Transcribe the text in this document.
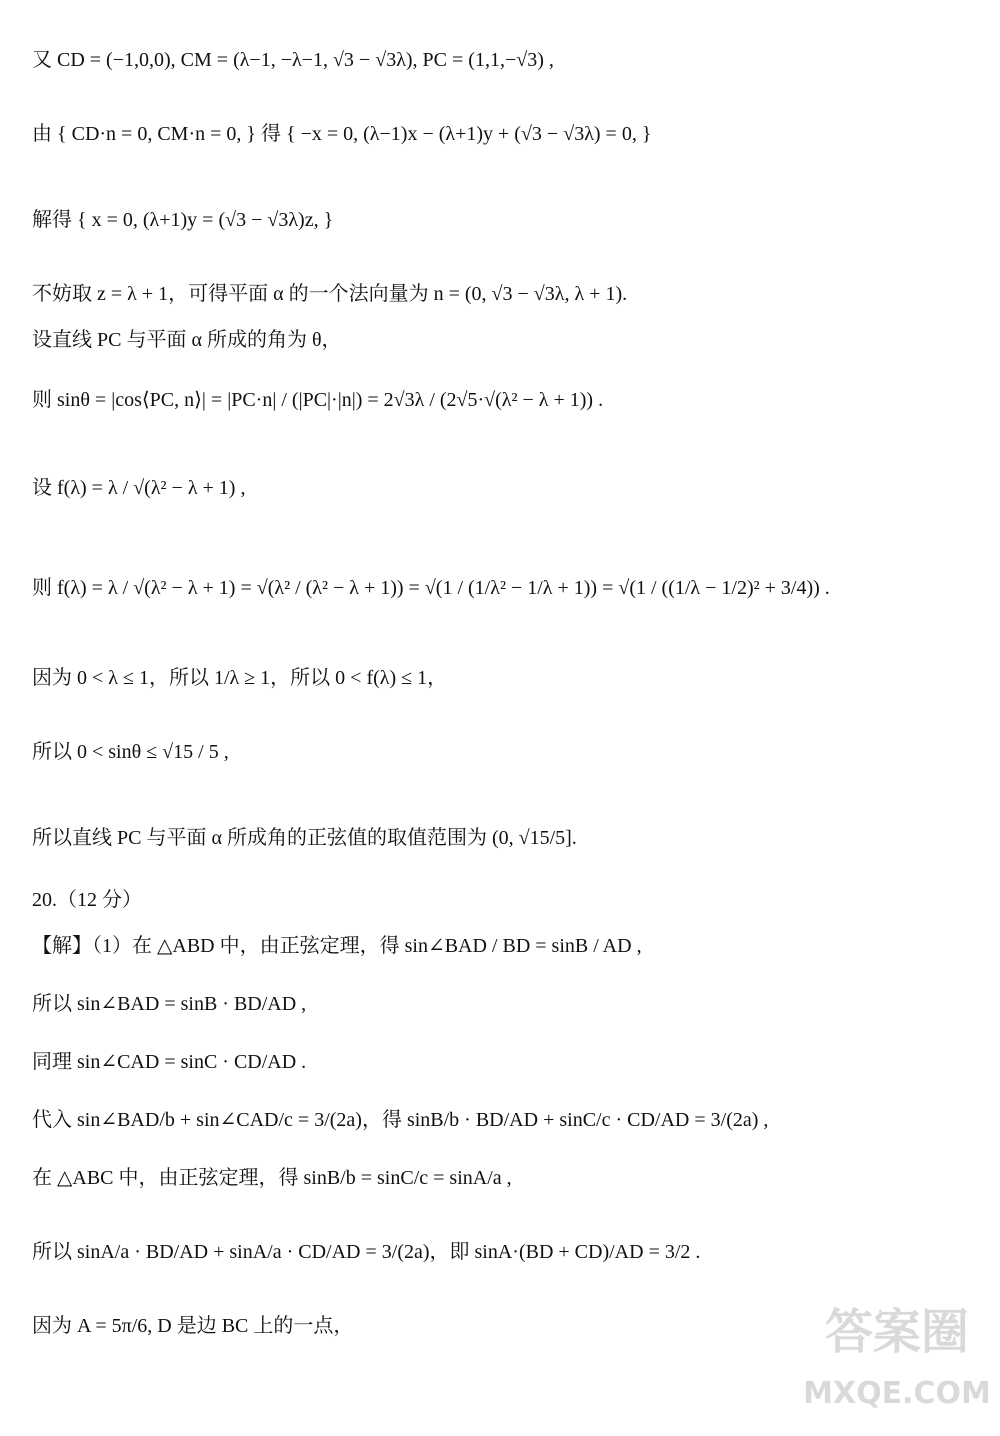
又 CD = (−1,0,0), CM = (λ−1, −λ−1, √3 − √3λ), PC = (1,1,−√3) ,
由 { CD·n = 0, CM·n = 0, } 得 { −x = 0, (λ−1)x − (λ+1)y + (√3 − √3λ) = 0, }
解得 { x = 0, (λ+1)y = (√3 − √3λ)z, }
不妨取 z = λ + 1，可得平面 α 的一个法向量为 n = (0, √3 − √3λ, λ + 1).
设直线 PC 与平面 α 所成的角为 θ，
则 sinθ = |cos⟨PC, n⟩| = |PC·n| / (|PC|·|n|) = 2√3λ / (2√5·√(λ² − λ + 1)) .
设 f(λ) = λ / √(λ² − λ + 1) ,
则 f(λ) = λ / √(λ² − λ + 1) = √(λ² / (λ² − λ + 1)) = √(1 / (1/λ² − 1/λ + 1)) = √(1 / ((1/λ − 1/2)² + 3/4)) .
因为 0 < λ ≤ 1，所以 1/λ ≥ 1，所以 0 < f(λ) ≤ 1，
所以 0 < sinθ ≤ √15 / 5 ,
所以直线 PC 与平面 α 所成角的正弦值的取值范围为 (0, √15/5].
20.（12 分）
【解】（1）在 △ABD 中，由正弦定理，得 sin∠BAD / BD = sinB / AD ,
所以 sin∠BAD = sinB · BD/AD ,
同理 sin∠CAD = sinC · CD/AD .
代入 sin∠BAD/b + sin∠CAD/c = 3/(2a)，得 sinB/b · BD/AD + sinC/c · CD/AD = 3/(2a) ,
在 △ABC 中，由正弦定理，得 sinB/b = sinC/c = sinA/a ,
所以 sinA/a · BD/AD + sinA/a · CD/AD = 3/(2a)，即 sinA·(BD + CD)/AD = 3/2 .
因为 A = 5π/6, D 是边 BC 上的一点，	答案圈
MXQE.COM
